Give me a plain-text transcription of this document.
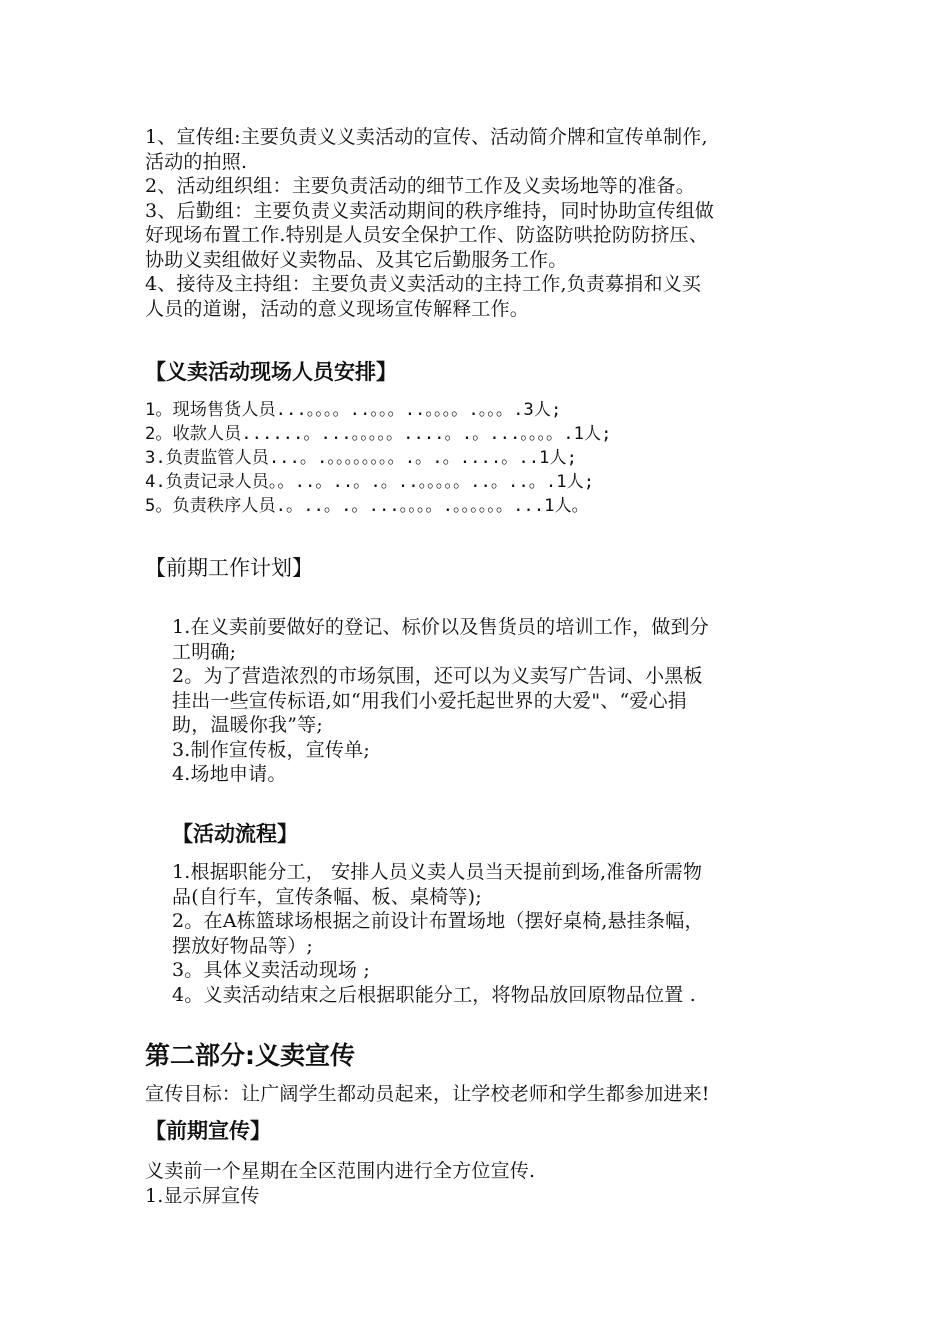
1、宣传组:主要负责义义卖活动的宣传、活动简介牌和宣传单制作,
活动的拍照.
2、活动组织组：主要负责活动的细节工作及义卖场地等的准备。
3、后勤组：主要负责义卖活动期间的秩序维持，同时协助宣传组做
好现场布置工作.特别是人员安全保护工作、防盗防哄抢防防挤压、
协助义卖组做好义卖物品、及其它后勤服务工作。
4、接待及主持组：主要负责义卖活动的主持工作,负责募捐和义买
人员的道谢，活动的意义现场宣传解释工作。
【义卖活动现场人员安排】
1。现场售货人员...。。。。..。。。..。。。。.。。。.3人;
2。收款人员......。...。。。。。....。.。...。。。。.1人;
3.负责监管人员...。.。。。。。。。。.。.。....。..1人;
4.负责记录人员。。..。..。.。..。。。。。..。..。.1人;
5。负责秩序人员.。..。.。...。。。。.。。。。。。...1人。
【前期工作计划】
1.在义卖前要做好的登记、标价以及售货员的培训工作，做到分
工明确;
2。为了营造浓烈的市场氛围，还可以为义卖写广告词、小黑板
挂出一些宣传标语,如“用我们小爱托起世界的大爱"、“爱心捐
助，温暖你我”等;
3.制作宣传板，宣传单;
4.场地申请。
【活动流程】
1.根据职能分工， 安排人员义卖人员当天提前到场,准备所需物
品(自行车，宣传条幅、板、桌椅等);
2。在A栋篮球场根据之前设计布置场地（摆好桌椅,悬挂条幅，
摆放好物品等）;
3。具体义卖活动现场 ;
4。义卖活动结束之后根据职能分工，将物品放回原物品位置 .
第二部分:义卖宣传
宣传目标：让广阔学生都动员起来，让学校老师和学生都参加进来!
【前期宣传】
义卖前一个星期在全区范围内进行全方位宣传.
1.显示屏宣传
